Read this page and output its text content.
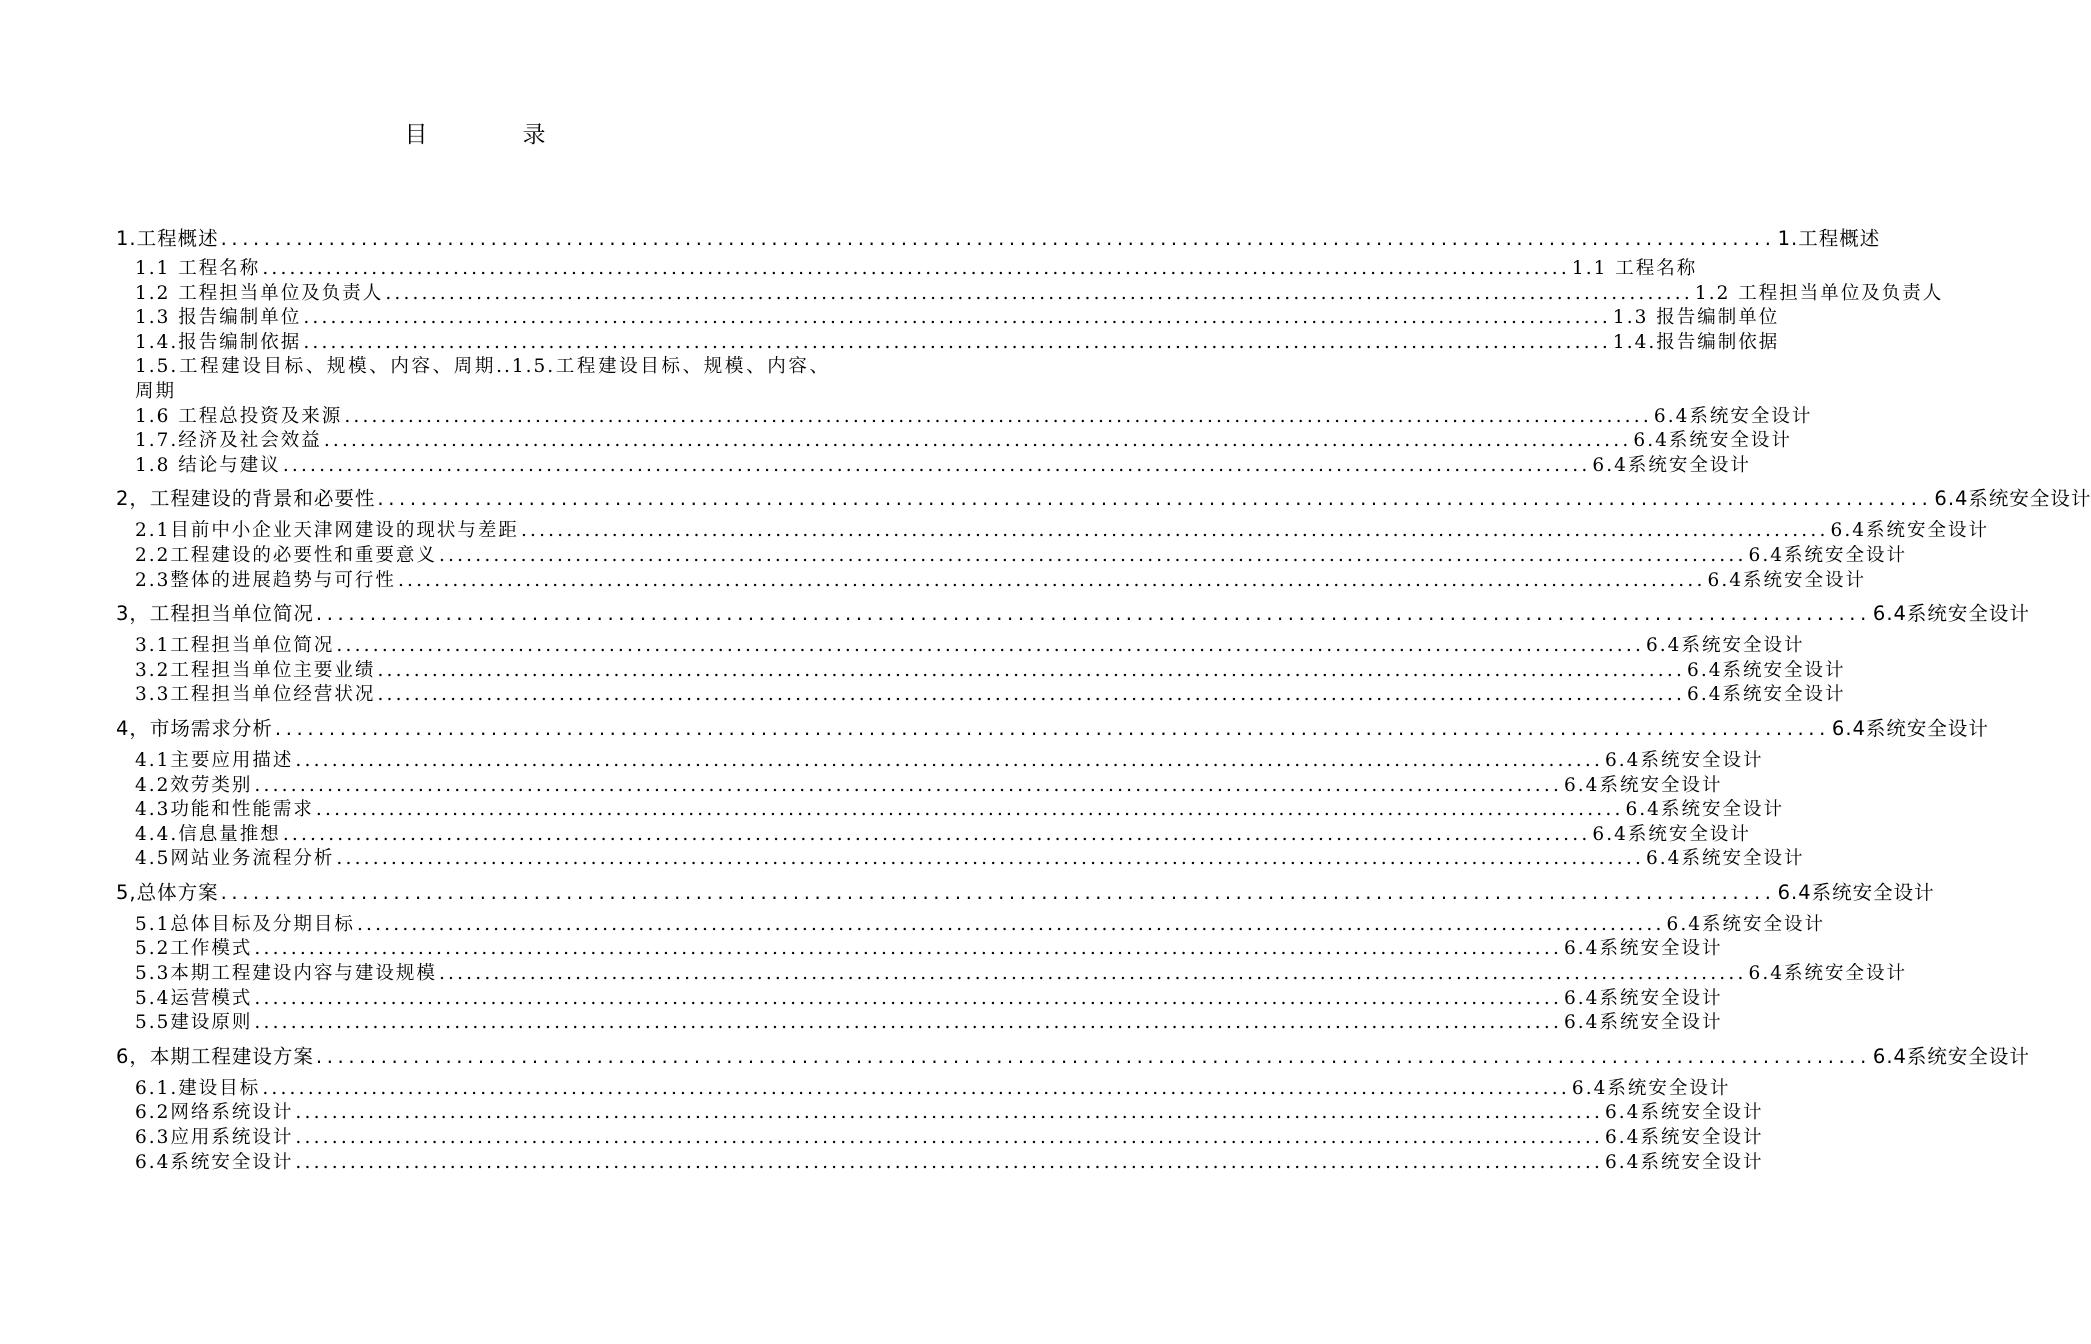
目　录
1.工程概述 ................................................................................................................................................ 1.工程概述
1.1 工程名称 ................................................................................................................................................ 1.1 工程名称
1.2 工程担当单位及负责人 ................................................................................................................................................ 1.2 工程担当单位及负责人
1.3 报告编制单位 ................................................................................................................................................ 1.3 报告编制单位
1.4.报告编制依据 ................................................................................................................................................ 1.4.报告编制依据
1.5.工程建设目标、规模、内容、周期..1.5.工程建设目标、规模、内容、周期
1.6 工程总投资及来源 ................................................................................................................................................ 6.4系统安全设计
1.7.经济及社会效益 ................................................................................................................................................ 6.4系统安全设计
1.8 结论与建议 ................................................................................................................................................ 6.4系统安全设计
2，工程建设的背景和必要性 ................................................................................................................................................ 6.4系统安全设计
2.1目前中小企业天津网建设的现状与差距 ................................................................................................................................................ 6.4系统安全设计
2.2工程建设的必要性和重要意义 ................................................................................................................................................ 6.4系统安全设计
2.3整体的进展趋势与可行性 ................................................................................................................................................ 6.4系统安全设计
3，工程担当单位简况 ................................................................................................................................................ 6.4系统安全设计
3.1工程担当单位简况 ................................................................................................................................................ 6.4系统安全设计
3.2工程担当单位主要业绩 ................................................................................................................................................ 6.4系统安全设计
3.3工程担当单位经营状况 ................................................................................................................................................ 6.4系统安全设计
4，市场需求分析 ................................................................................................................................................ 6.4系统安全设计
4.1主要应用描述 ................................................................................................................................................ 6.4系统安全设计
4.2效劳类别 ................................................................................................................................................ 6.4系统安全设计
4.3功能和性能需求 ................................................................................................................................................ 6.4系统安全设计
4.4.信息量推想 ................................................................................................................................................ 6.4系统安全设计
4.5网站业务流程分析 ................................................................................................................................................ 6.4系统安全设计
5,总体方案 ................................................................................................................................................ 6.4系统安全设计
5.1总体目标及分期目标 ................................................................................................................................................ 6.4系统安全设计
5.2工作模式 ................................................................................................................................................ 6.4系统安全设计
5.3本期工程建设内容与建设规模 ................................................................................................................................................ 6.4系统安全设计
5.4运营模式 ................................................................................................................................................ 6.4系统安全设计
5.5建设原则 ................................................................................................................................................ 6.4系统安全设计
6，本期工程建设方案 ................................................................................................................................................ 6.4系统安全设计
6.1.建设目标 ................................................................................................................................................ 6.4系统安全设计
6.2网络系统设计 ................................................................................................................................................ 6.4系统安全设计
6.3应用系统设计 ................................................................................................................................................ 6.4系统安全设计
6.4系统安全设计 ................................................................................................................................................ 6.4系统安全设计
